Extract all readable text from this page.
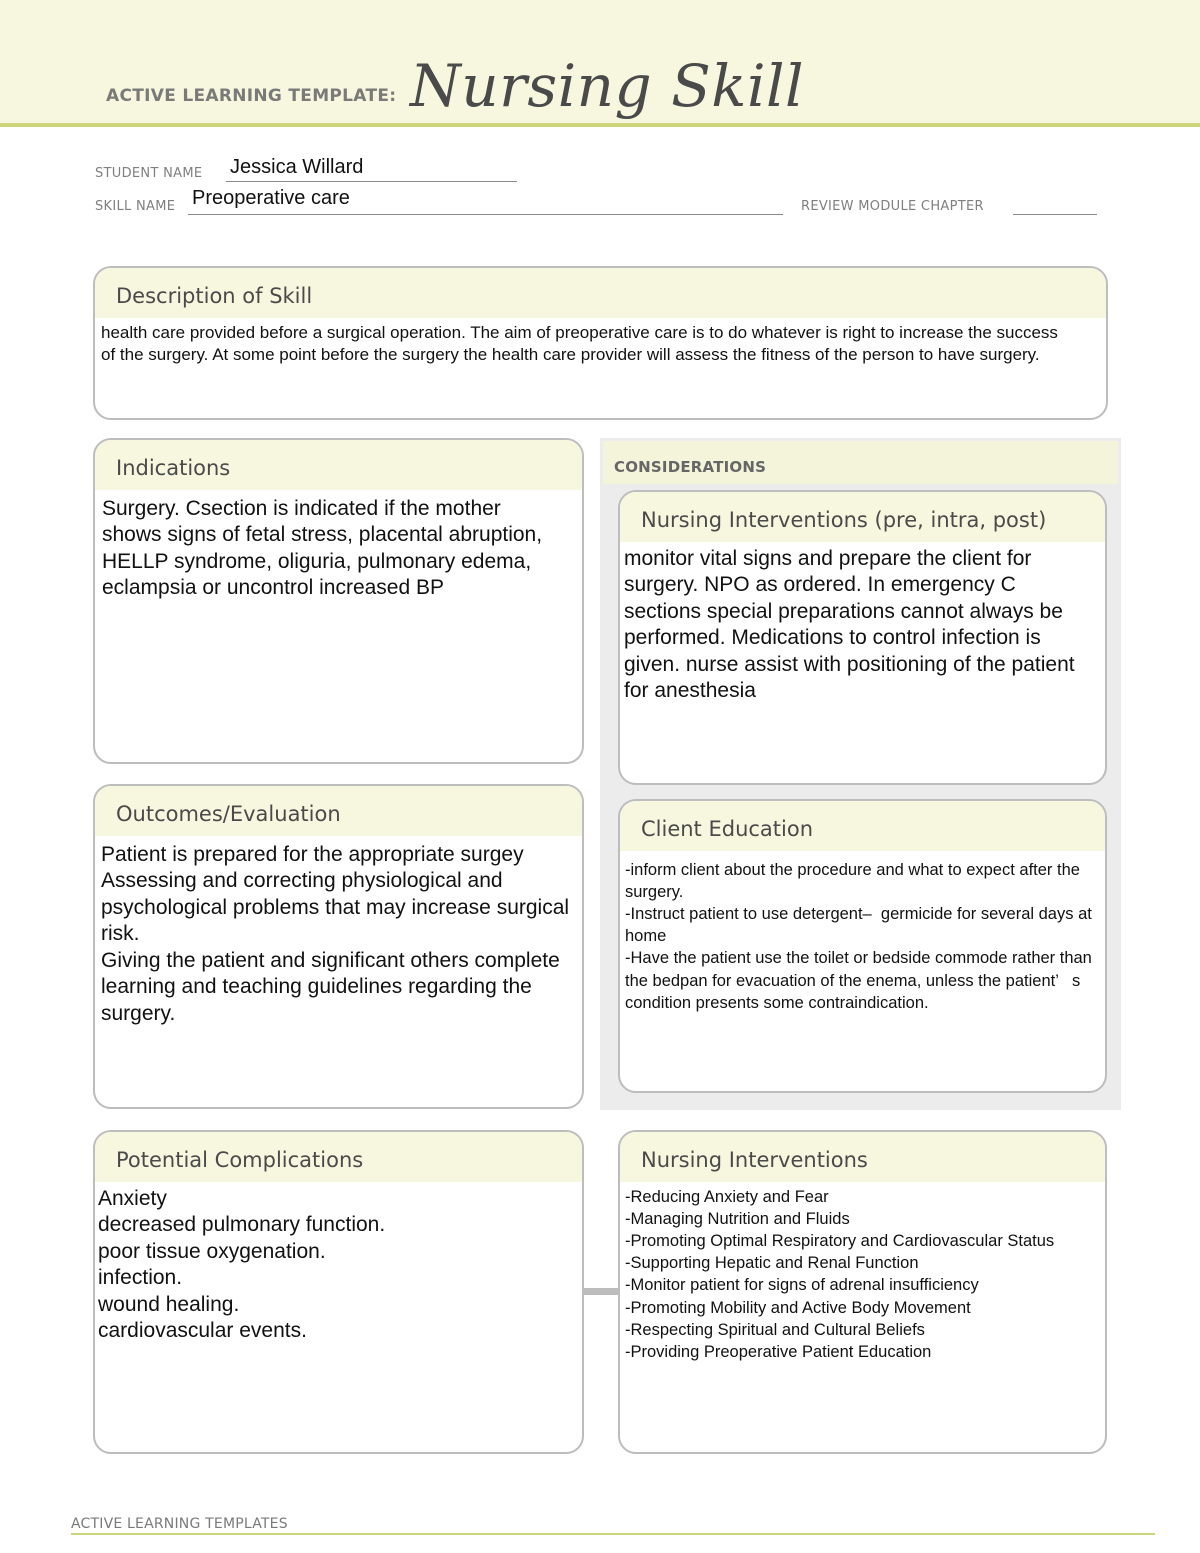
ACTIVE LEARNING TEMPLATE: Nursing Skill
STUDENT NAME Jessica Willard
SKILL NAME Preoperative care	REVIEW MODULE CHAPTER
Description of Skill
health care provided before a surgical operation. The aim of preoperative care is to do whatever is right to increase the success of the surgery. At some point before the surgery the health care provider will assess the fitness of the person to have surgery.
Indications
Surgery. Csection is indicated if the mother shows signs of fetal stress, placental abruption, HELLP syndrome, oliguria, pulmonary edema, eclampsia or uncontrol increased BP
CONSIDERATIONS
Nursing Interventions (pre, intra, post)
monitor vital signs and prepare the client for surgery. NPO as ordered. In emergency C sections special preparations cannot always be performed. Medications to control infection is given. nurse assist with positioning of the patient for anesthesia
Client Education
-inform client about the procedure and what to expect after the surgery.
-Instruct patient to use detergent–  germicide for several days at home
-Have the patient use the toilet or bedside commode rather than the bedpan for evacuation of the enema, unless the patient’   s condition presents some contraindication.
Outcomes/Evaluation
Patient is prepared for the appropriate surgey
Assessing and correcting physiological and psychological problems that may increase surgical risk.
Giving the patient and significant others complete learning and teaching guidelines regarding the surgery.
Potential Complications
Anxiety
decreased pulmonary function.
poor tissue oxygenation.
infection.
wound healing.
cardiovascular events.
Nursing Interventions
-Reducing Anxiety and Fear
-Managing Nutrition and Fluids
-Promoting Optimal Respiratory and Cardiovascular Status
-Supporting Hepatic and Renal Function
-Monitor patient for signs of adrenal insufficiency
-Promoting Mobility and Active Body Movement
-Respecting Spiritual and Cultural Beliefs
-Providing Preoperative Patient Education
ACTIVE LEARNING TEMPLATES
